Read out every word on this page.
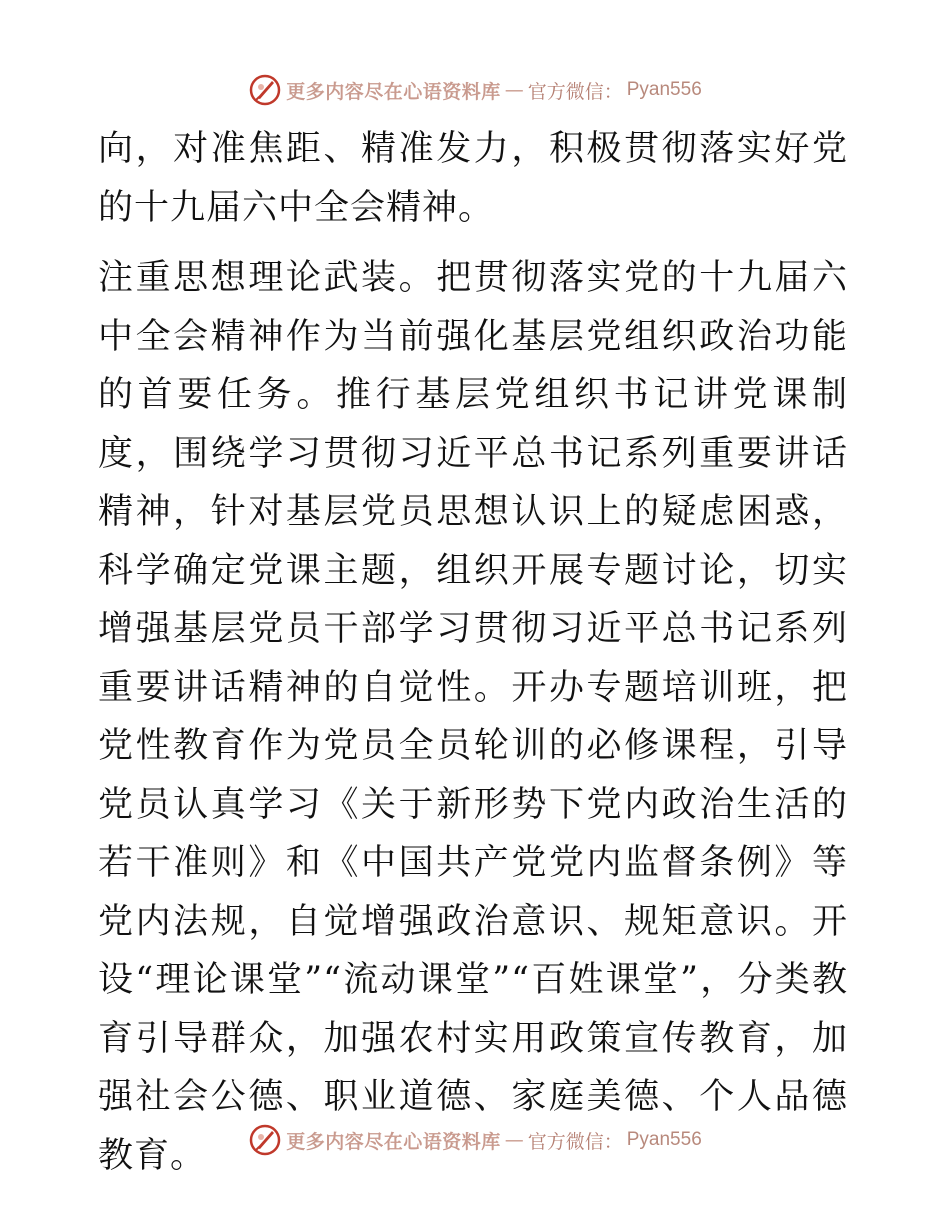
更多内容尽在心语资料库 — 官方微信： Pyan556

向，对准焦距、精准发力，积极贯彻落实好党的十九届六中全会精神。

注重思想理论武装。把贯彻落实党的十九届六中全会精神作为当前强化基层党组织政治功能的首要任务。推行基层党组织书记讲党课制度，围绕学习贯彻习近平总书记系列重要讲话精神，针对基层党员思想认识上的疑虑困惑，科学确定党课主题，组织开展专题讨论，切实增强基层党员干部学习贯彻习近平总书记系列重要讲话精神的自觉性。开办专题培训班，把党性教育作为党员全员轮训的必修课程，引导党员认真学习《关于新形势下党内政治生活的若干准则》和《中国共产党党内监督条例》等党内法规，自觉增强政治意识、规矩意识。开设“理论课堂”“流动课堂”“百姓课堂”，分类教育引导群众，加强农村实用政策宣传教育，加强社会公德、职业道德、家庭美德、个人品德教育。	更多内容尽在心语资料库 — 官方微信： Pyan556
